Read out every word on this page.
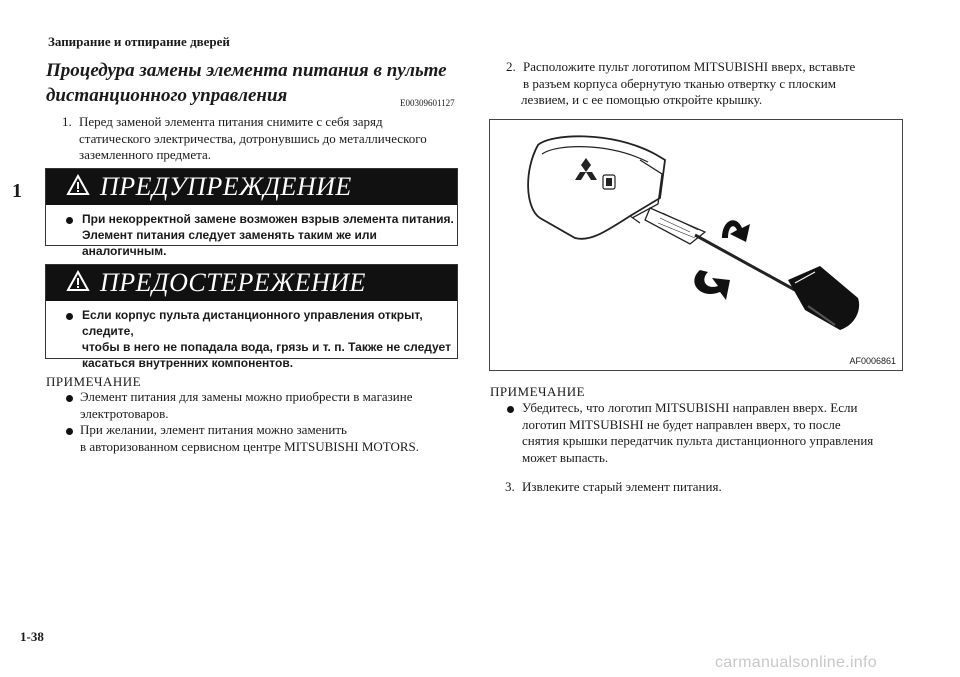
Запирание и отпирание дверей
1
1-38
Процедура замены элемента питания в пульте
дистанционного управления	E00309601127
1. Перед заменой элемента питания снимите с себя заряд
статического электричества, дотронувшись до металлического
заземленного предмета.
ПРЕДУПРЕЖДЕНИЕ
При некорректной замене возможен взрыв элемента питания.
Элемент питания следует заменять таким же или аналогичным.
ПРЕДОСТЕРЕЖЕНИЕ
Если корпус пульта дистанционного управления открыт, следите,
чтобы в него не попадала вода, грязь и т. п. Также не следует
касаться внутренних компонентов.
ПРИМЕЧАНИЕ
Элемент питания для замены можно приобрести в магазине
электротоваров.
При желании, элемент питания можно заменить
в авторизованном сервисном центре MITSUBISHI MOTORS.
2. Расположите пульт логотипом MITSUBISHI вверх, вставьте
в разъем корпуса обернутую тканью отвертку с плоским
лезвием, и с ее помощью откройте крышку.
AF0006861
ПРИМЕЧАНИЕ
Убедитесь, что логотип MITSUBISHI направлен вверх. Если
логотип MITSUBISHI не будет направлен вверх, то после
снятия крышки передатчик пульта дистанционного управления
может выпасть.
3. Извлеките старый элемент питания.
carmanualsonline.info
